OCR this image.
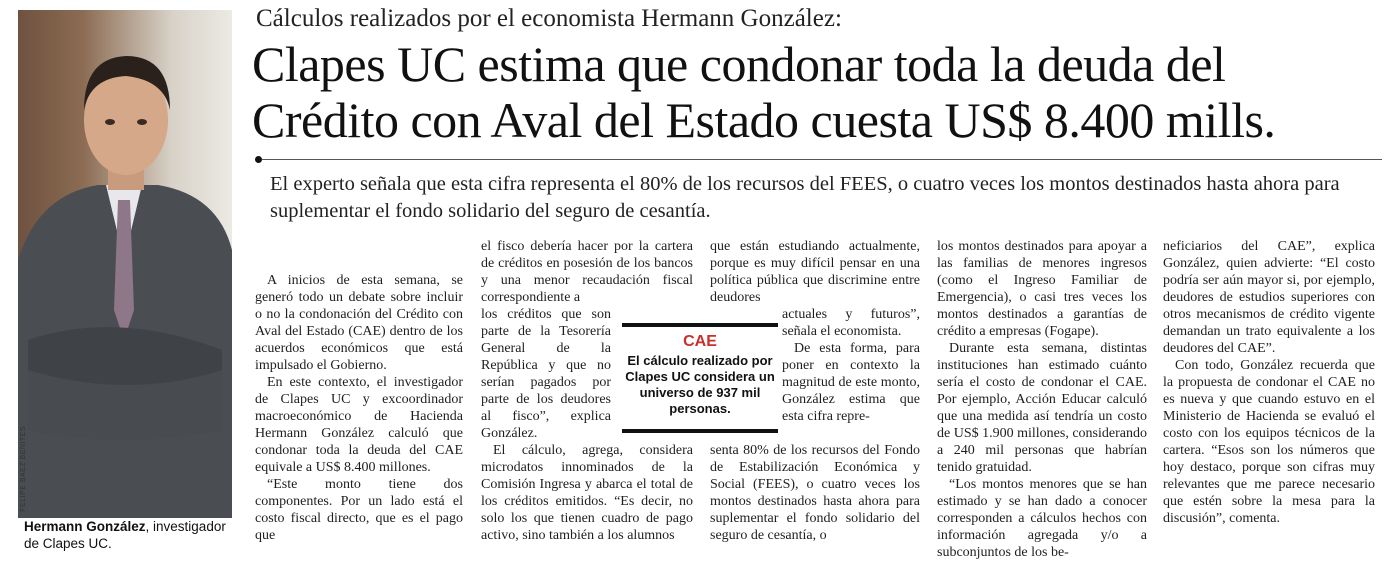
FELIPE BAEZ BENITES
Hermann González, investigador de Clapes UC.
Cálculos realizados por el economista Hermann González:
Clapes UC estima que condonar toda la deuda del Crédito con Aval del Estado cuesta US$ 8.400 mills.
El experto señala que esta cifra representa el 80% de los recursos del FEES, o cuatro veces los montos destinados hasta ahora para suplementar el fondo solidario del seguro de cesantía.

A inicios de esta semana, se generó todo un debate sobre incluir o no la condonación del Crédito con Aval del Estado (CAE) dentro de los acuerdos económicos que está impulsado el Gobierno.

En este contexto, el investigador de Clapes UC y excoordinador macroeconómico de Hacienda Hermann González calculó que condonar toda la deuda del CAE equivale a US$ 8.400 millones.

“Este monto tiene dos componentes. Por un lado está el costo fiscal directo, que es el pago que

el fisco debería hacer por la cartera de créditos en posesión de los bancos y una menor recaudación fiscal correspondiente a

los créditos que son parte de la Tesorería General de la República y que no serían pagados por parte de los deudores al fisco”, explica González.

El cálculo, agrega, considera microdatos innominados de la Comisión Ingresa y abarca el total de los créditos emitidos. “Es decir, no solo los que tienen cuadro de pago activo, sino también a los alumnos

que están estudiando actualmente, porque es muy difícil pensar en una política pública que discrimine entre deudores

actuales y futuros”, señala el economista.

De esta forma, para poner en contexto la magnitud de este monto, González estima que esta cifra repre-

senta 80% de los recursos del Fondo de Estabilización Económica y Social (FEES), o cuatro veces los montos destinados hasta ahora para suplementar el fondo solidario del seguro de cesantía, o

CAE
El cálculo realizado por Clapes UC considera un universo de 937 mil personas.

los montos destinados para apoyar a las familias de menores ingresos (como el Ingreso Familiar de Emergencia), o casi tres veces los montos destinados a garantías de crédito a empresas (Fogape).

Durante esta semana, distintas instituciones han estimado cuánto sería el costo de condonar el CAE. Por ejemplo, Acción Educar calculó que una medida así tendría un costo de US$ 1.900 millones, considerando a 240 mil personas que habrían tenido gratuidad.

“Los montos menores que se han estimado y se han dado a conocer corresponden a cálculos hechos con información agregada y/o a subconjuntos de los be-

neficiarios del CAE”, explica González, quien advierte: “El costo podría ser aún mayor si, por ejemplo, deudores de estudios superiores con otros mecanismos de crédito vigente demandan un trato equivalente a los deudores del CAE”.

Con todo, González recuerda que la propuesta de condonar el CAE no es nueva y que cuando estuvo en el Ministerio de Hacienda se evaluó el costo con los equipos técnicos de la cartera. “Esos son los números que hoy destaco, porque son cifras muy relevantes que me parece necesario que estén sobre la mesa para la discusión”, comenta.
